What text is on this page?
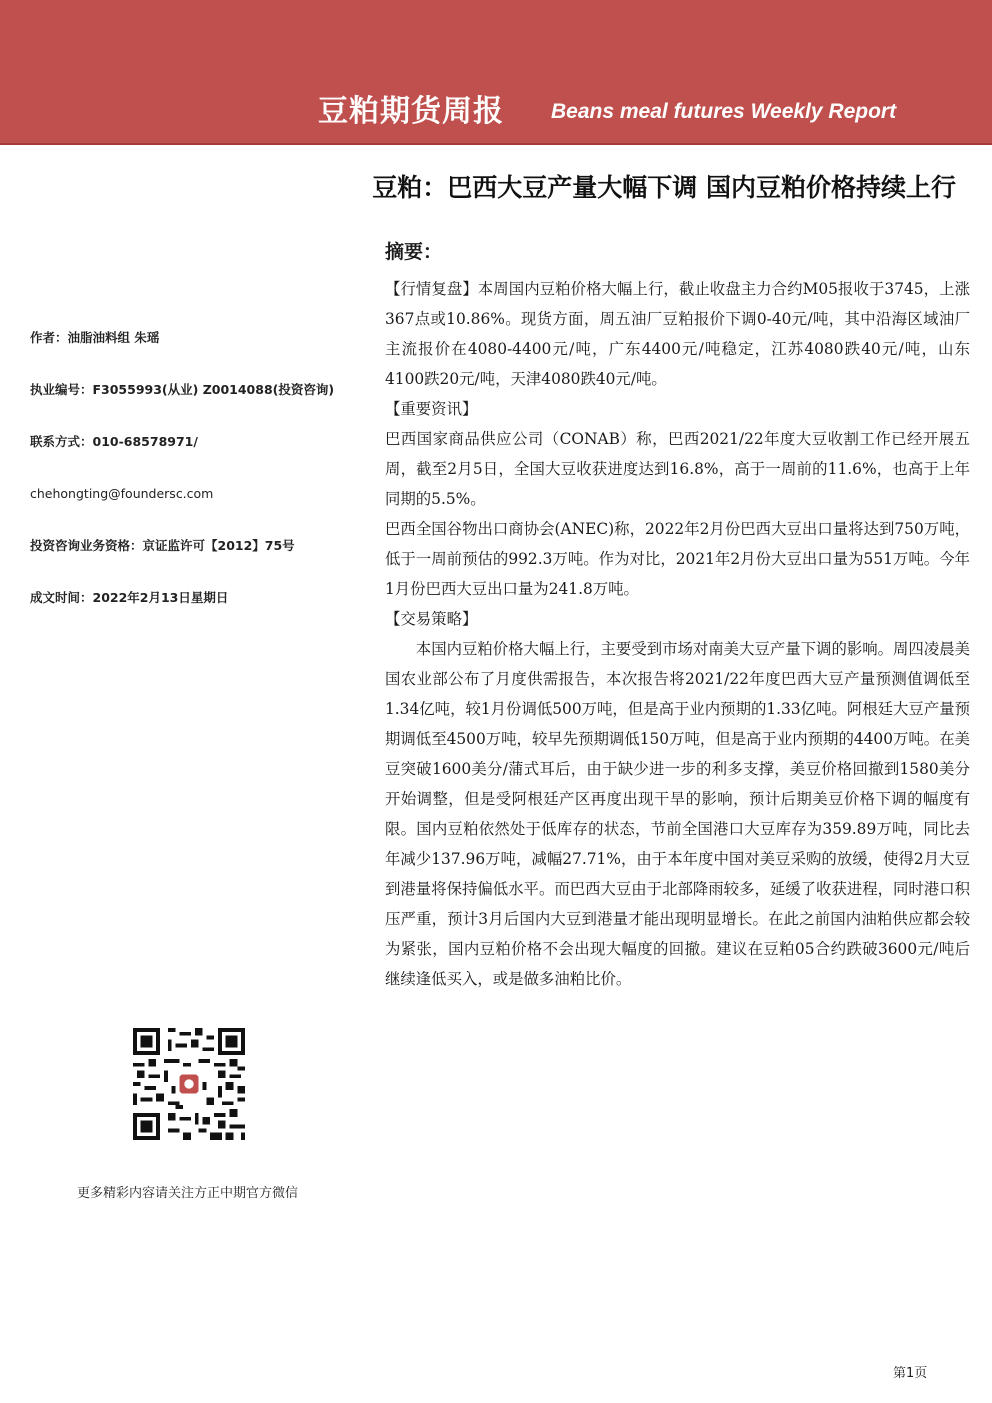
豆粕期货周报 Beans meal futures Weekly Report
豆粕：巴西大豆产量大幅下调 国内豆粕价格持续上行
作者：油脂油料组 朱瑶
执业编号：F3055993(从业) Z0014088(投资咨询)
联系方式：010-68578971/
chehongting@foundersc.com
投资咨询业务资格：京证监许可【2012】75号
成文时间：2022年2月13日星期日
更多精彩内容请关注方正中期官方微信
摘要：

【行情复盘】本周国内豆粕价格大幅上行，截止收盘主力合约M05报收于3745，上涨367点或10.86%。现货方面，周五油厂豆粕报价下调0-40元/吨，其中沿海区域油厂主流报价在4080-4400元/吨，广东4400元/吨稳定，江苏4080跌40元/吨，山东4100跌20元/吨，天津4080跌40元/吨。

【重要资讯】

巴西国家商品供应公司（CONAB）称，巴西2021/22年度大豆收割工作已经开展五周，截至2月5日，全国大豆收获进度达到16.8%，高于一周前的11.6%，也高于上年同期的5.5%。

巴西全国谷物出口商协会(ANEC)称，2022年2月份巴西大豆出口量将达到750万吨，低于一周前预估的992.3万吨。作为对比，2021年2月份大豆出口量为551万吨。今年1月份巴西大豆出口量为241.8万吨。

【交易策略】

本国内豆粕价格大幅上行，主要受到市场对南美大豆产量下调的影响。周四凌晨美国农业部公布了月度供需报告，本次报告将2021/22年度巴西大豆产量预测值调低至1.34亿吨，较1月份调低500万吨，但是高于业内预期的1.33亿吨。阿根廷大豆产量预期调低至4500万吨，较早先预期调低150万吨，但是高于业内预期的4400万吨。在美豆突破1600美分/蒲式耳后，由于缺少进一步的利多支撑，美豆价格回撤到1580美分开始调整，但是受阿根廷产区再度出现干旱的影响，预计后期美豆价格下调的幅度有限。国内豆粕依然处于低库存的状态，节前全国港口大豆库存为359.89万吨，同比去年减少137.96万吨，减幅27.71%，由于本年度中国对美豆采购的放缓，使得2月大豆到港量将保持偏低水平。而巴西大豆由于北部降雨较多，延缓了收获进程，同时港口积压严重，预计3月后国内大豆到港量才能出现明显增长。在此之前国内油粕供应都会较为紧张，国内豆粕价格不会出现大幅度的回撤。建议在豆粕05合约跌破3600元/吨后继续逢低买入，或是做多油粕比价。

第1页
